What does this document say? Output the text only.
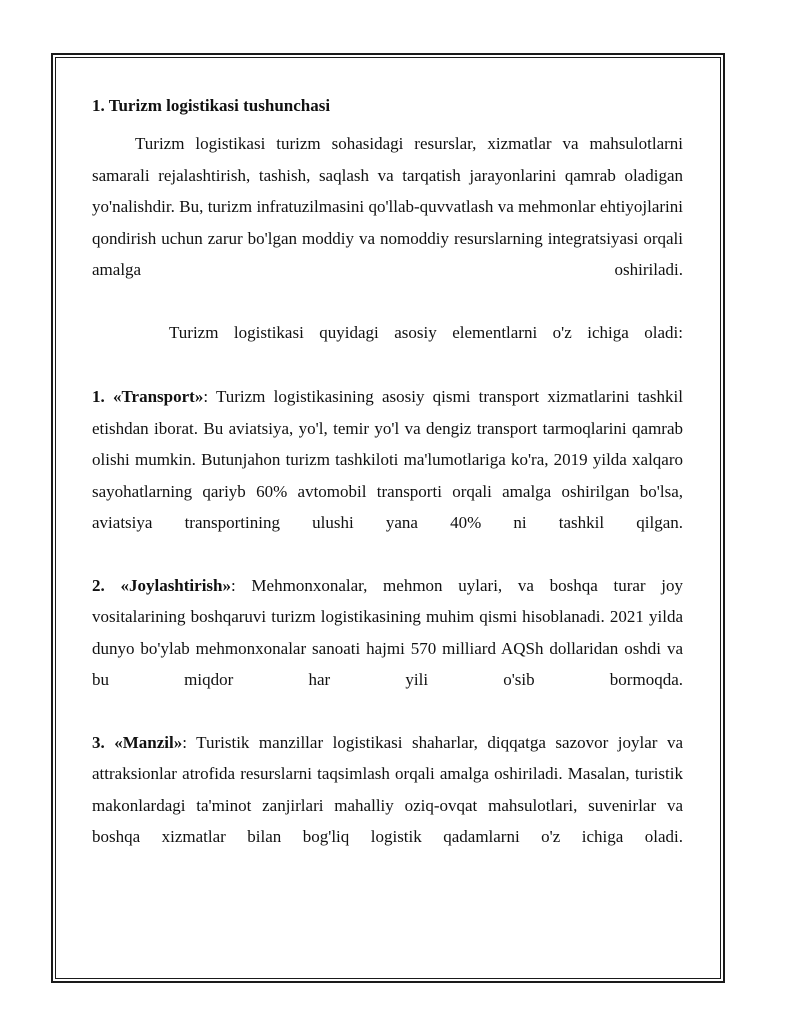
1. Turizm logistikasi tushunchasi

Turizm logistikasi turizm sohasidagi resurslar, xizmatlar va mahsulotlarni samarali rejalashtirish, tashish, saqlash va tarqatish jarayonlarini qamrab oladigan yo'nalishdir. Bu, turizm infratuzilmasini qo'llab-quvvatlash va mehmonlar ehtiyojlarini qondirish uchun zarur bo'lgan moddiy va nomoddiy resurslarning integratsiyasi orqali amalga oshiriladi.

Turizm logistikasi quyidagi asosiy elementlarni o'z ichiga oladi:

1. «Transport»: Turizm logistikasining asosiy qismi transport xizmatlarini tashkil etishdan iborat. Bu aviatsiya, yo'l, temir yo'l va dengiz transport tarmoqlarini qamrab olishi mumkin. Butunjahon turizm tashkiloti ma'lumotlariga ko'ra, 2019 yilda xalqaro sayohatlarning qariyb 60% avtomobil transporti orqali amalga oshirilgan bo'lsa, aviatsiya transportining ulushi yana 40% ni tashkil qilgan.

2. «Joylashtirish»: Mehmonxonalar, mehmon uylari, va boshqa turar joy vositalarining boshqaruvi turizm logistikasining muhim qismi hisoblanadi. 2021 yilda dunyo bo'ylab mehmonxonalar sanoati hajmi 570 milliard AQSh dollaridan oshdi va bu miqdor har yili o'sib bormoqda.

3. «Manzil»: Turistik manzillar logistikasi shaharlar, diqqatga sazovor joylar va attraksionlar atrofida resurslarni taqsimlash orqali amalga oshiriladi. Masalan, turistik makonlardagi ta'minot zanjirlari mahalliy oziq-ovqat mahsulotlari, suvenirlar va boshqa xizmatlar bilan bog'liq logistik qadamlarni o'z ichiga oladi.
